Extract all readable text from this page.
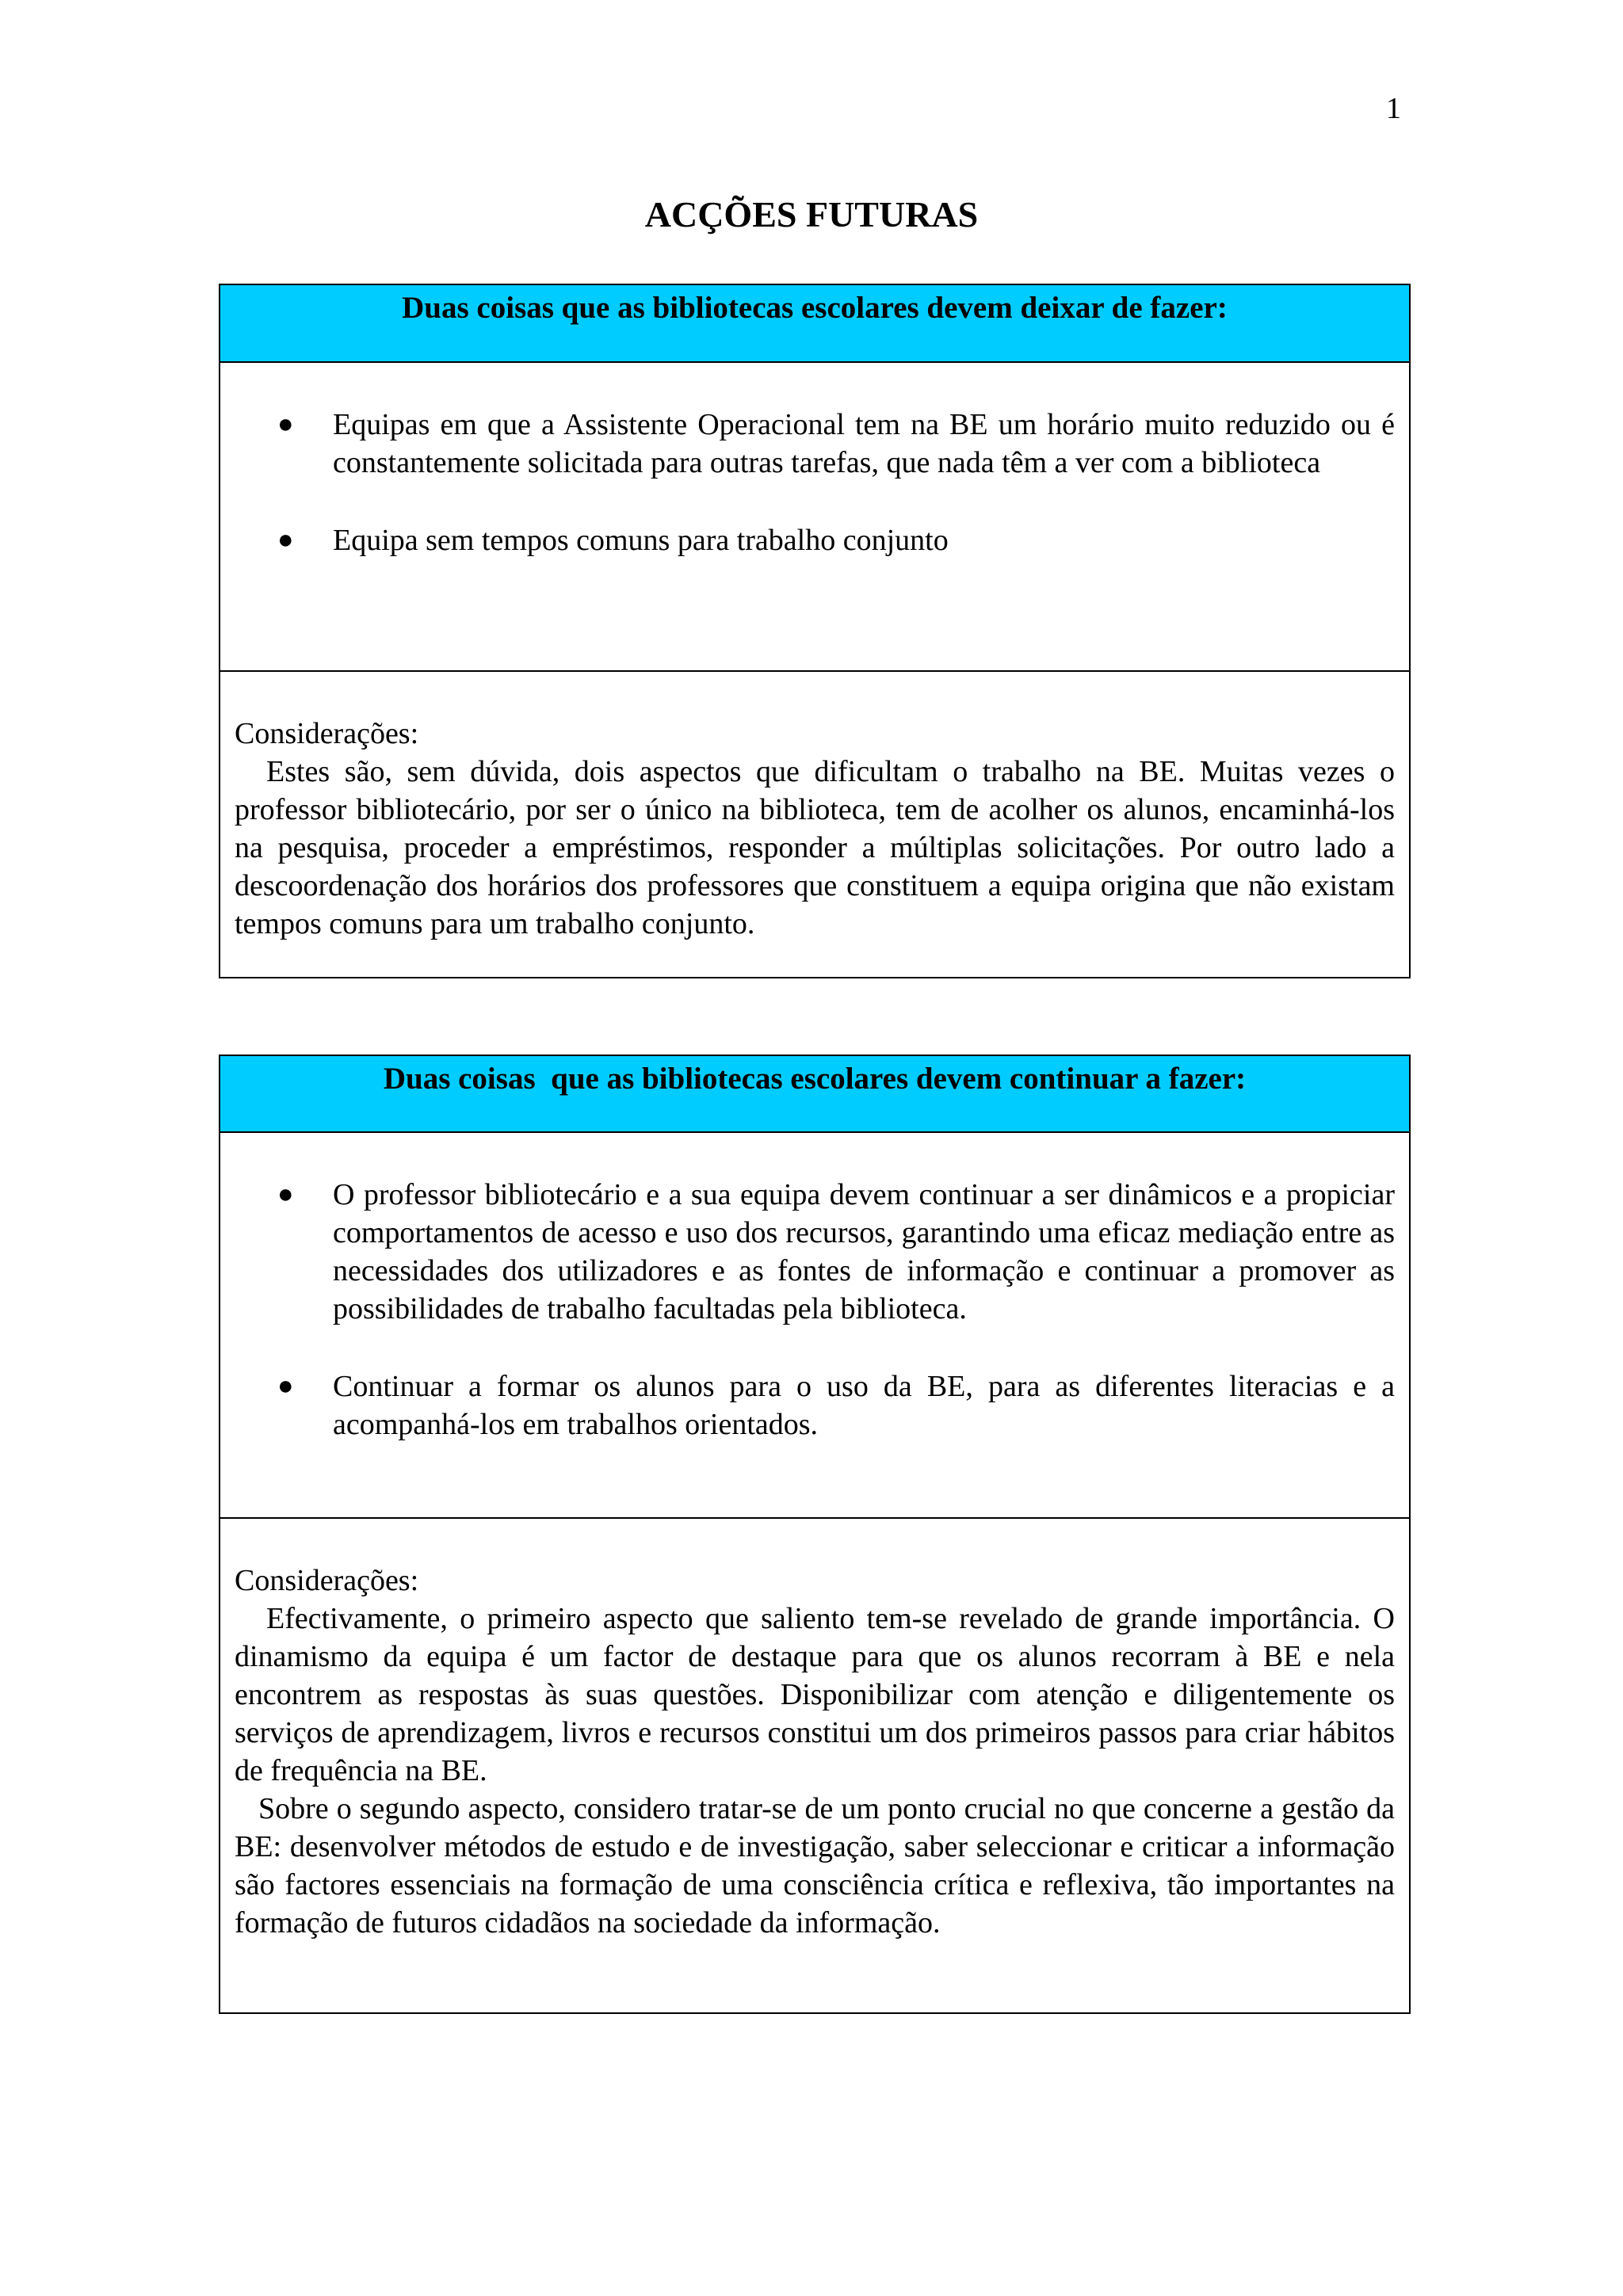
1
ACÇÕES FUTURAS
Duas coisas que as bibliotecas escolares devem deixar de fazer:
● Equipas em que a Assistente Operacional tem na BE um horário muito reduzido ou é constantemente solicitada para outras tarefas, que nada têm a ver com a biblioteca
● Equipa sem tempos comuns para trabalho conjunto

Considerações:

Estes são, sem dúvida, dois aspectos que dificultam o trabalho na BE. Muitas vezes o professor bibliotecário, por ser o único na biblioteca, tem de acolher os alunos, encaminhá-los na pesquisa, proceder a empréstimos, responder a múltiplas solicitações. Por outro lado a descoordenação dos horários dos professores que constituem a equipa origina que não existam tempos comuns para um trabalho conjunto.

Duas coisas  que as bibliotecas escolares devem continuar a fazer:
● O professor bibliotecário e a sua equipa devem continuar a ser dinâmicos e a propiciar comportamentos de acesso e uso dos recursos, garantindo uma eficaz mediação entre as necessidades dos utilizadores e as fontes de informação e continuar a promover as possibilidades de trabalho facultadas pela biblioteca.
● Continuar a formar os alunos para o uso da BE, para as diferentes literacias e a acompanhá-los em trabalhos orientados.

Considerações:

Efectivamente, o primeiro aspecto que saliento tem-se revelado de grande importância. O dinamismo da equipa é um factor de destaque para que os alunos recorram à BE e nela encontrem as respostas às suas questões. Disponibilizar com atenção e diligentemente os serviços de aprendizagem, livros e recursos constitui um dos primeiros passos para criar hábitos de frequência na BE.

Sobre o segundo aspecto, considero tratar-se de um ponto crucial no que concerne a gestão da BE: desenvolver métodos de estudo e de investigação, saber seleccionar e criticar a informação são factores essenciais na formação de uma consciência crítica e reflexiva, tão importantes na formação de futuros cidadãos na sociedade da informação.
